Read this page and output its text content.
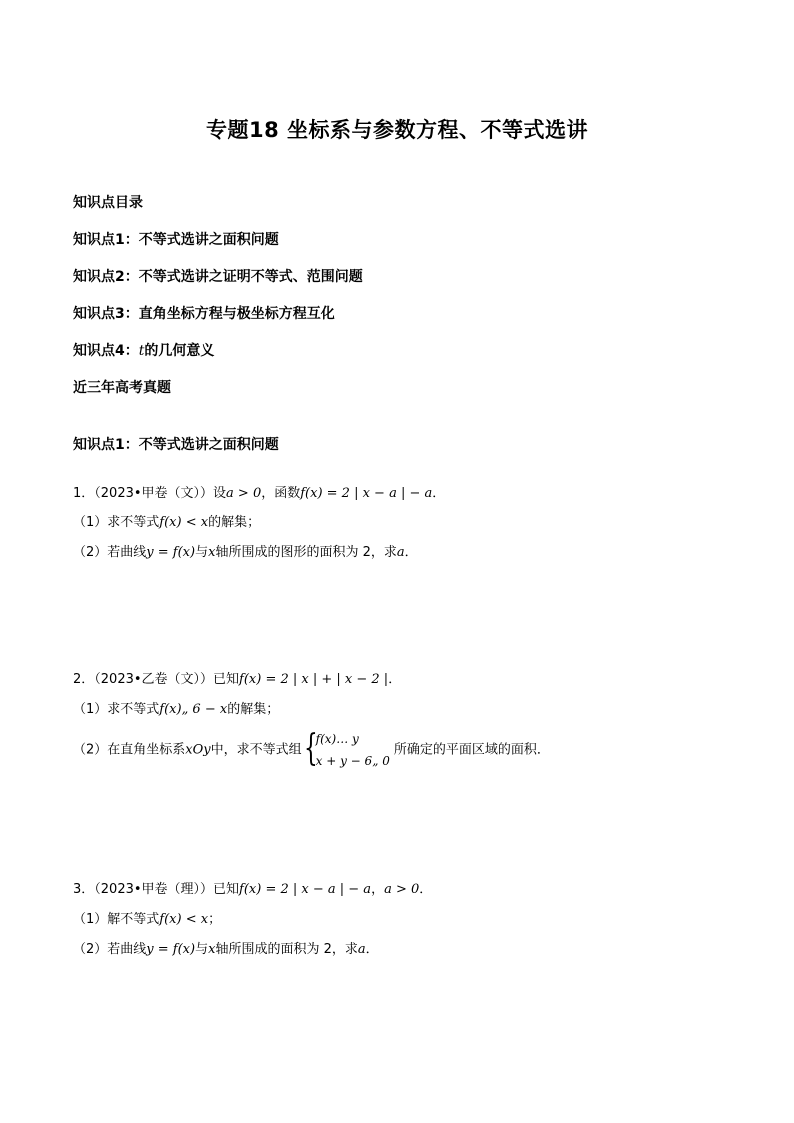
专题18 坐标系与参数方程、不等式选讲
知识点目录
知识点1：不等式选讲之面积问题
知识点2：不等式选讲之证明不等式、范围问题
知识点3：直角坐标方程与极坐标方程互化
知识点4：t的几何意义
近三年高考真题
知识点1：不等式选讲之面积问题
1．（2023•甲卷（文））设a > 0，函数f(x) = 2 | x − a | − a．
（1）求不等式f(x) < x的解集；
（2）若曲线y = f(x)与x轴所围成的图形的面积为 2，求a．
2．（2023•乙卷（文））已知f(x) = 2 | x | + | x − 2 |．
（1）求不等式f(x)„ 6 − x的解集；
（2）在直角坐标系xOy中，求不等式组 {
f(x)… y
x + y − 6„ 0
所确定的平面区域的面积．
3．（2023•甲卷（理））已知f(x) = 2 | x − a | − a，a > 0．
（1）解不等式f(x) < x；
（2）若曲线y = f(x)与x轴所围成的面积为 2，求a．
